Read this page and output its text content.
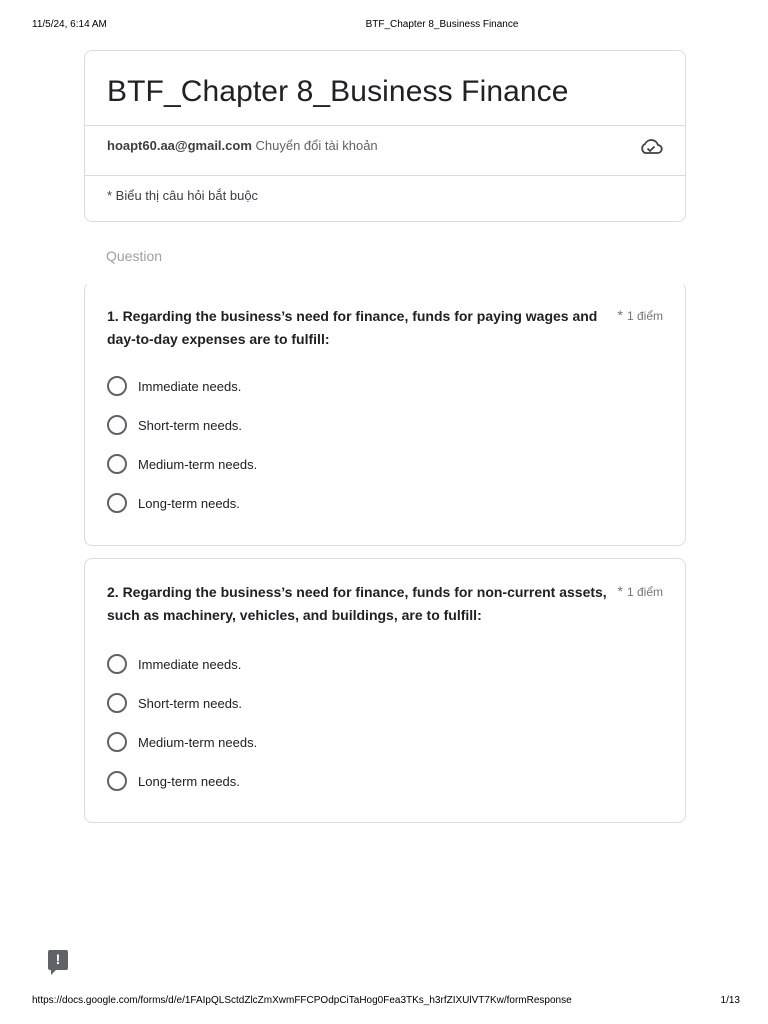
11/5/24, 6:14 AM	BTF_Chapter 8_Business Finance
BTF_Chapter 8_Business Finance
hoapt60.aa@gmail.com Chuyển đổi tài khoản
* Biểu thị câu hỏi bắt buộc
Question
1. Regarding the business’s need for finance, funds for paying wages and day-to-day expenses are to fulfill:
* 1 điểm
Immediate needs.
Short-term needs.
Medium-term needs.
Long-term needs.
2. Regarding the business’s need for finance, funds for non-current assets, such as machinery, vehicles, and buildings, are to fulfill:
* 1 điểm
Immediate needs.
Short-term needs.
Medium-term needs.
Long-term needs.
!
https://docs.google.com/forms/d/e/1FAIpQLSctdZlcZmXwmFFCPOdpCiTaHog0Fea3TKs_h3rfZIXUlVT7Kw/formResponse	1/13
